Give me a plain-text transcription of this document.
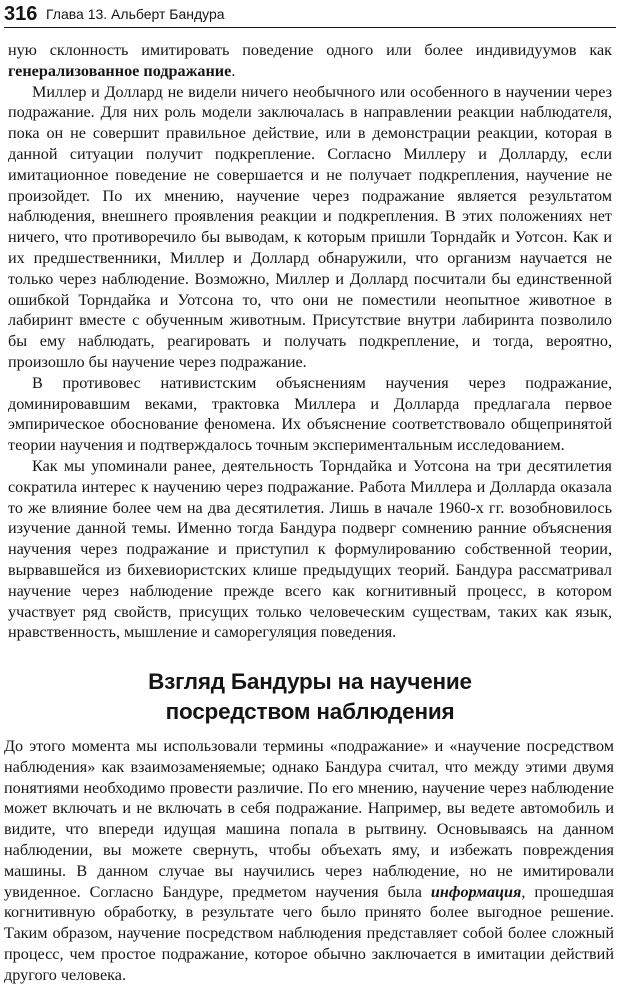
316 Глава 13. Альберт Бандура

ную склонность имитировать поведение одного или более индивидуумов как генерализованное подражание.

Миллер и Доллард не видели ничего необычного или особенного в научении через подражание. Для них роль модели заключалась в направлении реакции наблюдателя, пока он не совершит правильное действие, или в демонстрации реакции, которая в данной ситуации получит подкрепление. Согласно Миллеру и Долларду, если имитационное поведение не совершается и не получает подкрепления, научение не произойдет. По их мнению, научение через подражание является результатом наблюдения, внешнего проявления реакции и подкрепления. В этих положениях нет ничего, что противоречило бы выводам, к которым пришли Торндайк и Уотсон. Как и их предшественники, Миллер и Доллард обнаружили, что организм научается не только через наблюдение. Возможно, Миллер и Доллард посчитали бы единственной ошибкой Торндайка и Уотсона то, что они не поместили неопытное животное в лабиринт вместе с обученным животным. Присутствие внутри лабиринта позволило бы ему наблюдать, реагировать и получать подкрепление, и тогда, вероятно, произошло бы научение через подражание.

В противовес нативистским объяснениям научения через подражание, доминировавшим веками, трактовка Миллера и Долларда предлагала первое эмпирическое обоснование феномена. Их объяснение соответствовало общепринятой теории научения и подтверждалось точным экспериментальным исследованием.

Как мы упоминали ранее, деятельность Торндайка и Уотсона на три десятилетия сократила интерес к научению через подражание. Работа Миллера и Долларда оказала то же влияние более чем на два десятилетия. Лишь в начале 1960-х гг. возобновилось изучение данной темы. Именно тогда Бандура подверг сомнению ранние объяснения научения через подражание и приступил к формулированию собственной теории, вырвавшейся из бихевиористских клише предыдущих теорий. Бандура рассматривал научение через наблюдение прежде всего как когнитивный процесс, в котором участвует ряд свойств, присущих только человеческим существам, таких как язык, нравственность, мышление и саморегуляция поведения.

Взгляд Бандуры на научение
посредством наблюдения

До этого момента мы использовали термины «подражание» и «научение посредством наблюдения» как взаимозаменяемые; однако Бандура считал, что между этими двумя понятиями необходимо провести различие. По его мнению, научение через наблюдение может включать и не включать в себя подражание. Например, вы ведете автомобиль и видите, что впереди идущая машина попала в рытвину. Основываясь на данном наблюдении, вы можете свернуть, чтобы объехать яму, и избежать повреждения машины. В данном случае вы научились через наблюдение, но не имитировали увиденное. Согласно Бандуре, предметом научения была информация, прошедшая когнитивную обработку, в результате чего было принято более выгодное решение. Таким образом, научение посредством наблюдения представляет собой более сложный процесс, чем простое подражание, которое обычно заключается в имитации действий другого человека.
